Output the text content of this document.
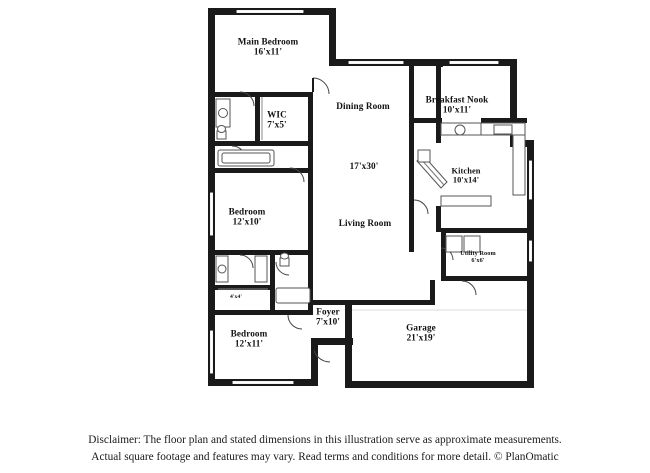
Main Bedroom
16'x11'
WIC
7'x5'
Dining Room
Breakfast Nook
10'x11'
Kitchen
10'x14'
17'x30'
Living Room
Bedroom
12'x10'
Utility Room
6'x6'
4'x4'
Foyer
7'x10'
Bedroom
12'x11'
Garage
21'x19'
Disclaimer: The floor plan and stated dimensions in this illustration serve as approximate measurements.
Actual square footage and features may vary. Read terms and conditions for more detail. © PlanOmatic
